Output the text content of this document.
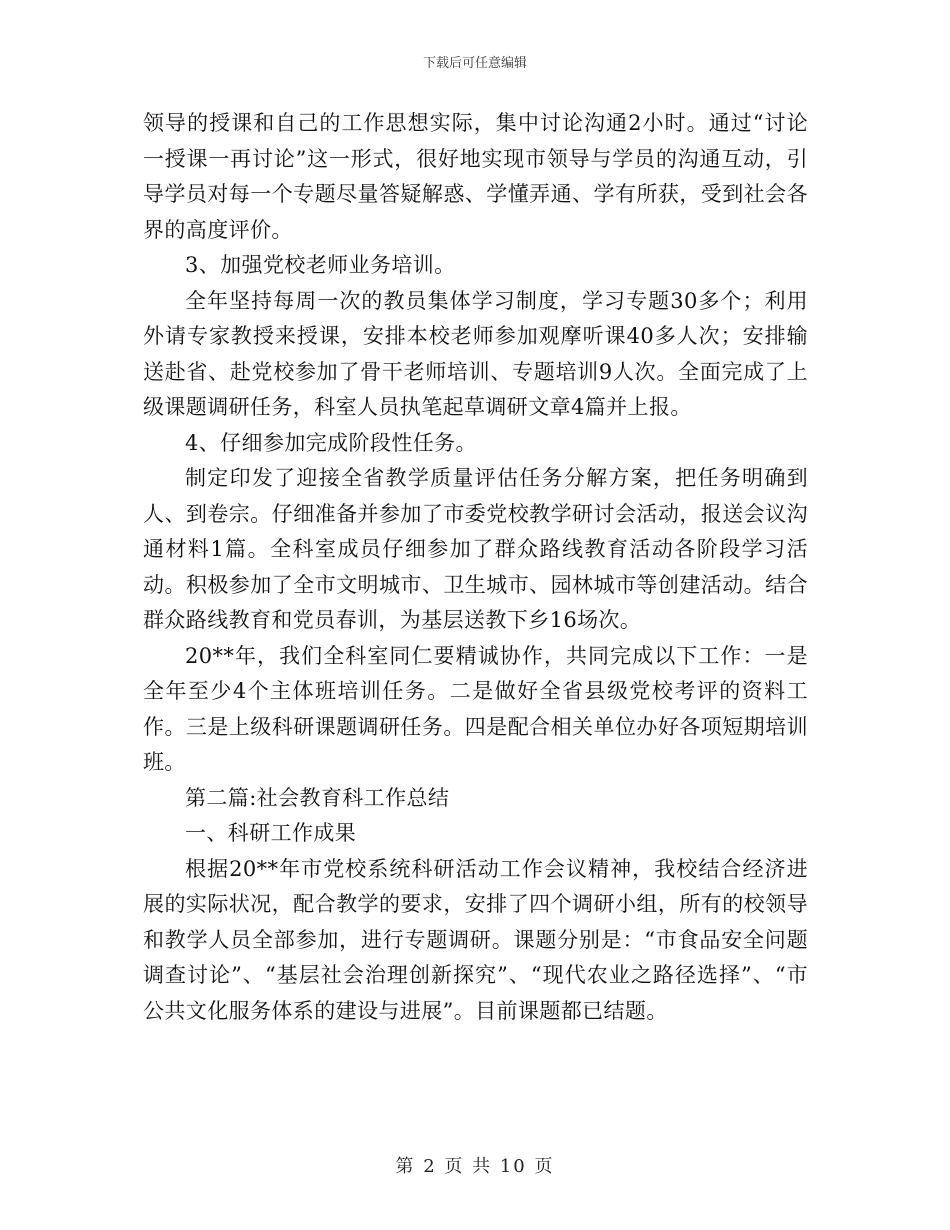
下载后可任意编辑

领导的授课和自己的工作思想实际，集中讨论沟通2小时。通过“讨论一授课一再讨论”这一形式，很好地实现市领导与学员的沟通互动，引导学员对每一个专题尽量答疑解惑、学懂弄通、学有所获，受到社会各界的高度评价。

3、加强党校老师业务培训。

全年坚持每周一次的教员集体学习制度，学习专题30多个；利用外请专家教授来授课，安排本校老师参加观摩听课40多人次；安排输送赴省、赴党校参加了骨干老师培训、专题培训9人次。全面完成了上级课题调研任务，科室人员执笔起草调研文章4篇并上报。

4、仔细参加完成阶段性任务。

制定印发了迎接全省教学质量评估任务分解方案，把任务明确到人、到卷宗。仔细准备并参加了市委党校教学研讨会活动，报送会议沟通材料1篇。全科室成员仔细参加了群众路线教育活动各阶段学习活动。积极参加了全市文明城市、卫生城市、园林城市等创建活动。结合群众路线教育和党员春训，为基层送教下乡16场次。

20**年，我们全科室同仁要精诚协作，共同完成以下工作：一是全年至少4个主体班培训任务。二是做好全省县级党校考评的资料工作。三是上级科研课题调研任务。四是配合相关单位办好各项短期培训班。

第二篇:社会教育科工作总结

一、科研工作成果

根据20**年市党校系统科研活动工作会议精神，我校结合经济进展的实际状况，配合教学的要求，安排了四个调研小组，所有的校领导和教学人员全部参加，进行专题调研。课题分别是：“市食品安全问题调查讨论”、“基层社会治理创新探究”、“现代农业之路径选择”、“市公共文化服务体系的建设与进展”。目前课题都已结题。

第 2 页 共 10 页
